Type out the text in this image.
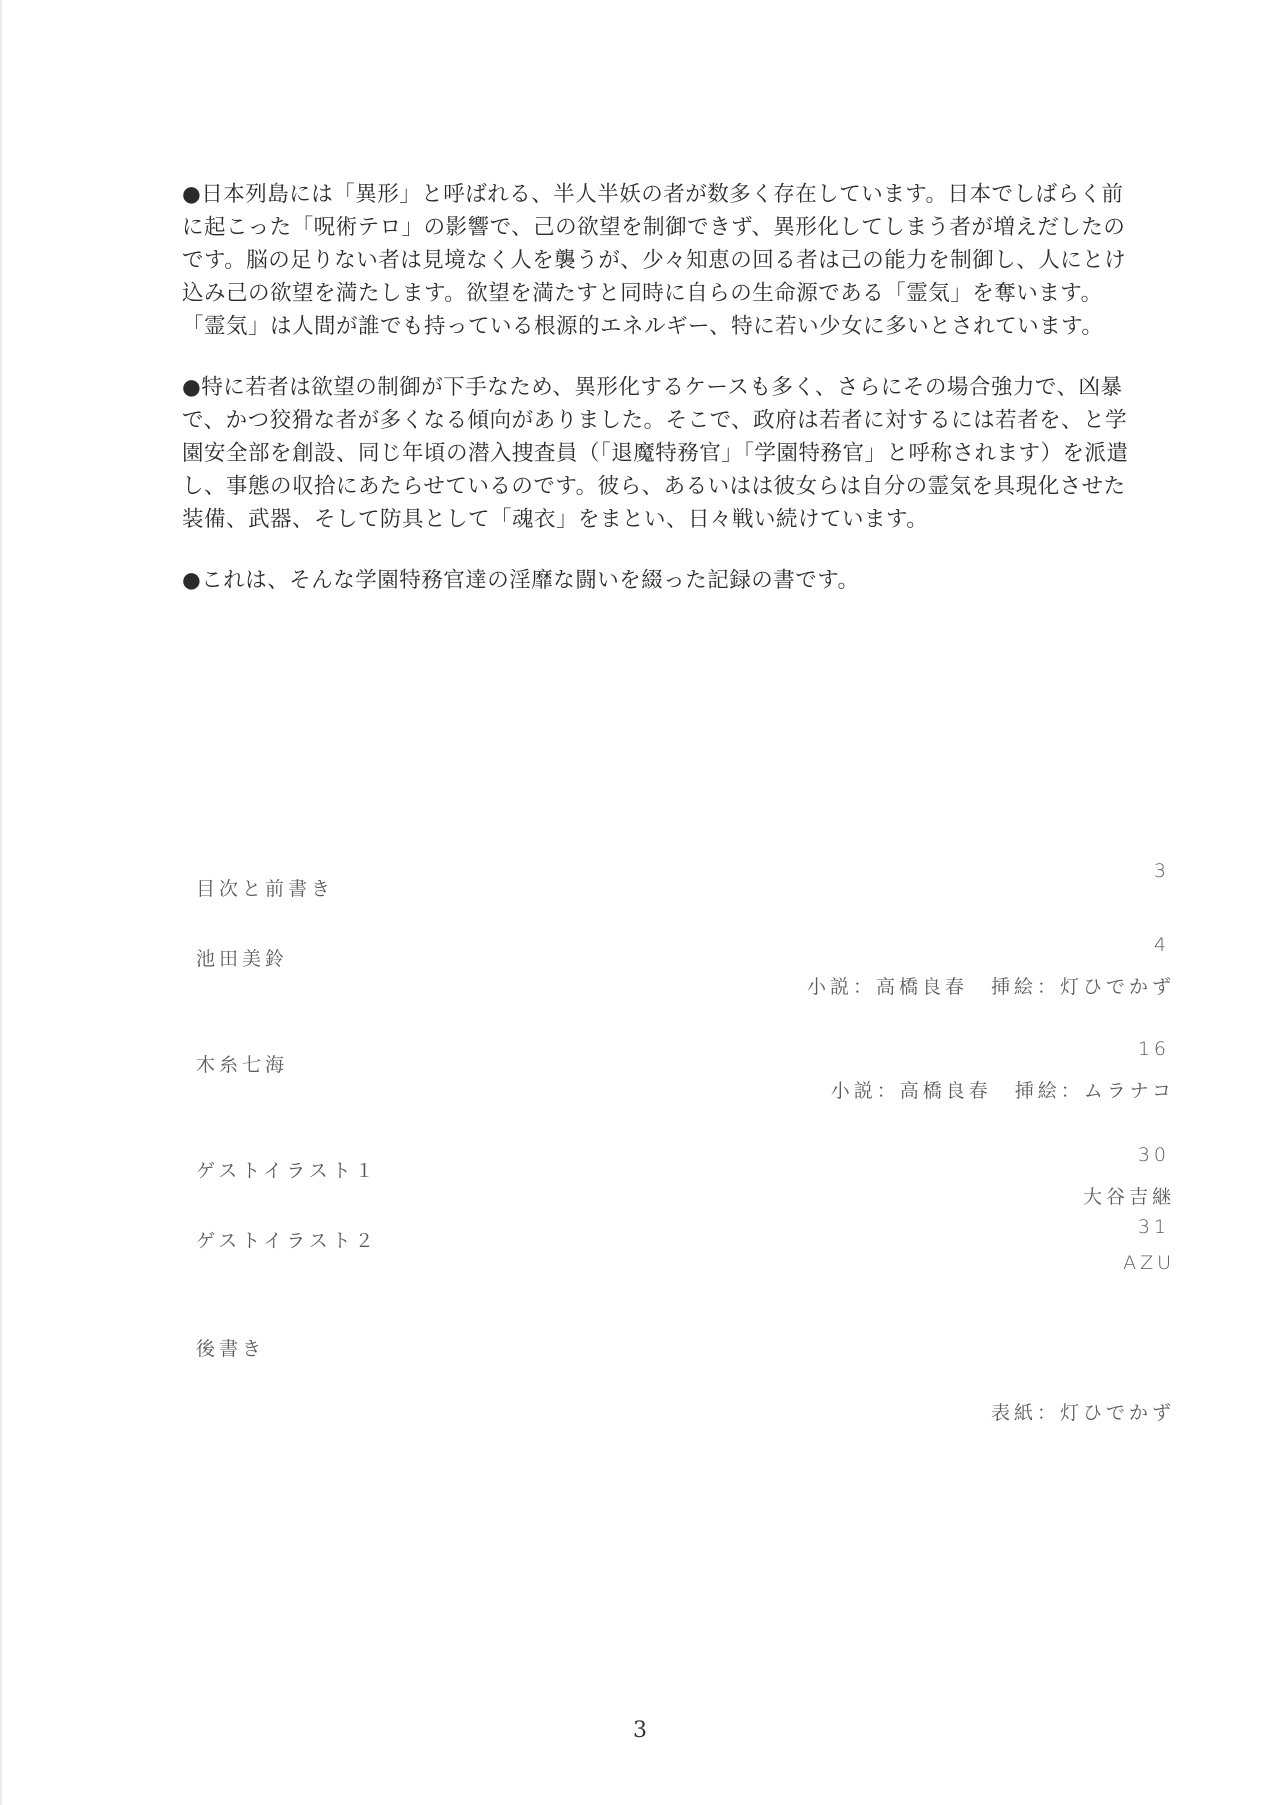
●日本列島には「異形」と呼ばれる、半人半妖の者が数多く存在しています。日本でしばらく前に起こった「呪術テロ」の影響で、己の欲望を制御できず、異形化してしまう者が増えだしたのです。脳の足りない者は見境なく人を襲うが、少々知恵の回る者は己の能力を制御し、人にとけ込み己の欲望を満たします。欲望を満たすと同時に自らの生命源である「霊気」を奪います。「霊気」は人間が誰でも持っている根源的エネルギー、特に若い少女に多いとされています。

●特に若者は欲望の制御が下手なため、異形化するケースも多く、さらにその場合強力で、凶暴で、かつ狡猾な者が多くなる傾向がありました。そこで、政府は若者に対するには若者を、と学園安全部を創設、同じ年頃の潜入捜査員（「退魔特務官」「学園特務官」と呼称されます）を派遣し、事態の収拾にあたらせているのです。彼ら、あるいはは彼女らは自分の霊気を具現化させた装備、武器、そして防具として「魂衣」をまとい、日々戦い続けています。

●これは、そんな学園特務官達の淫靡な闘いを綴った記録の書です。

目次と前書き
3
池田美鈴
4
小説：高橋良春　挿絵：灯ひでかず
木糸七海
16
小説：高橋良春　挿絵：ムラナコ
ゲストイラスト１
30
大谷吉継
ゲストイラスト２
31
AZU
後書き
表紙：灯ひでかず
3
